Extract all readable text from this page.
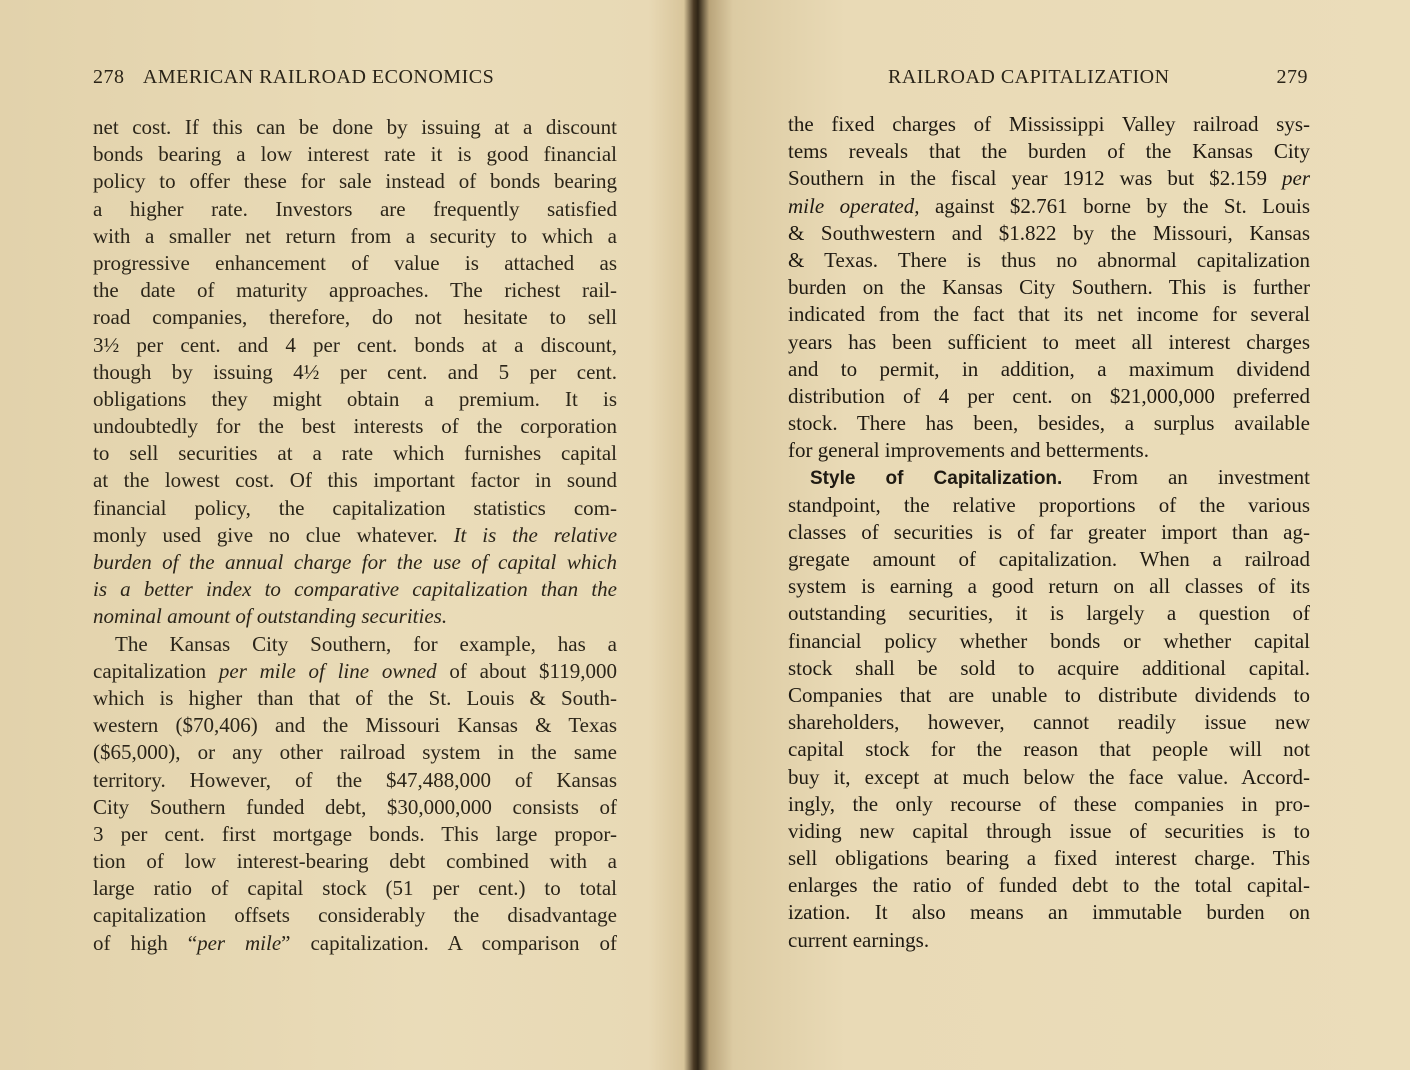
278 AMERICAN RAILROAD ECONOMICS
net cost. If this can be done by issuing at a discount
bonds bearing a low interest rate it is good financial
policy to offer these for sale instead of bonds bearing
a higher rate. Investors are frequently satisfied
with a smaller net return from a security to which a
progressive enhancement of value is attached as
the date of maturity approaches. The richest rail-
road companies, therefore, do not hesitate to sell
3½ per cent. and 4 per cent. bonds at a discount,
though by issuing 4½ per cent. and 5 per cent.
obligations they might obtain a premium. It is
undoubtedly for the best interests of the corporation
to sell securities at a rate which furnishes capital
at the lowest cost. Of this important factor in sound
financial policy, the capitalization statistics com-
monly used give no clue whatever. It is the relative
burden of the annual charge for the use of capital which
is a better index to comparative capitalization than the
nominal amount of outstanding securities.
The Kansas City Southern, for example, has a
capitalization per mile of line owned of about $119,000
which is higher than that of the St. Louis & South-
western ($70,406) and the Missouri Kansas & Texas
($65,000), or any other railroad system in the same
territory. However, of the $47,488,000 of Kansas
City Southern funded debt, $30,000,000 consists of
3 per cent. first mortgage bonds. This large propor-
tion of low interest-bearing debt combined with a
large ratio of capital stock (51 per cent.) to total
capitalization offsets considerably the disadvantage
of high “per mile” capitalization. A comparison of
RAILROAD CAPITALIZATION	279
the fixed charges of Mississippi Valley railroad sys-
tems reveals that the burden of the Kansas City
Southern in the fiscal year 1912 was but $2.159 per
mile operated, against $2.761 borne by the St. Louis
& Southwestern and $1.822 by the Missouri, Kansas
& Texas. There is thus no abnormal capitalization
burden on the Kansas City Southern. This is further
indicated from the fact that its net income for several
years has been sufficient to meet all interest charges
and to permit, in addition, a maximum dividend
distribution of 4 per cent. on $21,000,000 preferred
stock. There has been, besides, a surplus available
for general improvements and betterments.
Style of Capitalization. From an investment
standpoint, the relative proportions of the various
classes of securities is of far greater import than ag-
gregate amount of capitalization. When a railroad
system is earning a good return on all classes of its
outstanding securities, it is largely a question of
financial policy whether bonds or whether capital
stock shall be sold to acquire additional capital.
Companies that are unable to distribute dividends to
shareholders, however, cannot readily issue new
capital stock for the reason that people will not
buy it, except at much below the face value. Accord-
ingly, the only recourse of these companies in pro-
viding new capital through issue of securities is to
sell obligations bearing a fixed interest charge. This
enlarges the ratio of funded debt to the total capital-
ization. It also means an immutable burden on
current earnings.
